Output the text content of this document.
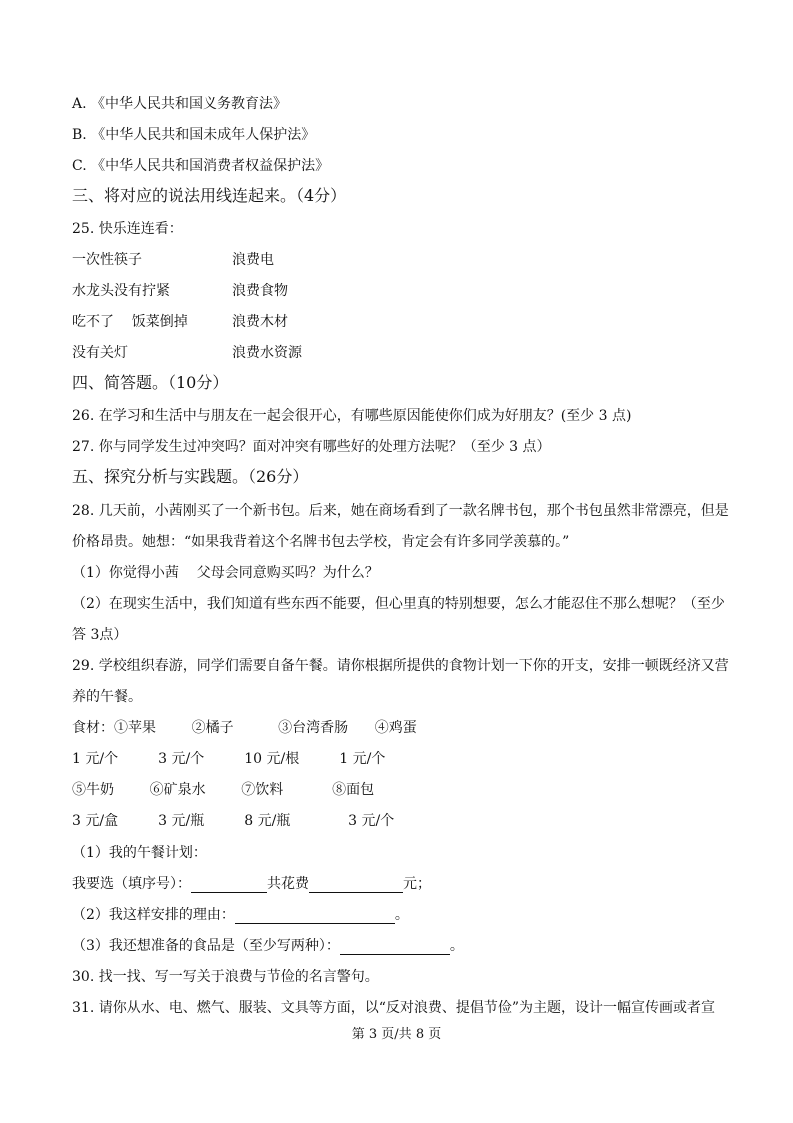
A. 《中华人民共和国义务教育法》
B. 《中华人民共和国未成年人保护法》
C. 《中华人民共和国消费者权益保护法》
三、将对应的说法用线连起来。（4分）
25. 快乐连连看：
一次性筷子	浪费电
水龙头没有拧紧	浪费食物
吃不了    饭菜倒掉	浪费木材
没有关灯	浪费水资源
四、简答题。（10分）
26. 在学习和生活中与朋友在一起会很开心，有哪些原因能使你们成为好朋友？(至少 3 点)
27. 你与同学发生过冲突吗？面对冲突有哪些好的处理方法呢？（至少 3 点）
五、探究分析与实践题。（26分）
28. 几天前，小茜刚买了一个新书包。后来，她在商场看到了一款名牌书包，那个书包虽然非常漂亮，但是
价格昂贵。她想：“如果我背着这个名牌书包去学校，肯定会有许多同学羡慕的。”
（1）你觉得小茜    父母会同意购买吗？为什么？
（2）在现实生活中，我们知道有些东西不能要，但心里真的特别想要，怎么才能忍住不那么想呢？（至少
答 3点）
29. 学校组织春游，同学们需要自备午餐。请你根据所提供的食物计划一下你的开支，安排一顿既经济又营
养的午餐。
食材：①苹果        ②橘子          ③台湾香肠      ④鸡蛋
1 元/个         3 元/个         10 元/根         1 元/个
⑤牛奶        ⑥矿泉水        ⑦饮料           ⑧面包
3 元/盒         3 元/瓶         8 元/瓶             3 元/个
（1）我的午餐计划：
我要选（填序号）：	共花费	元；
（2）我这样安排的理由：	。
（3）我还想准备的食品是（至少写两种）：	。
30. 找一找、写一写关于浪费与节俭的名言警句。
31. 请你从水、电、燃气、服装、文具等方面，以“反对浪费、提倡节俭”为主题，设计一幅宣传画或者宣
第 3 页/共 8 页
